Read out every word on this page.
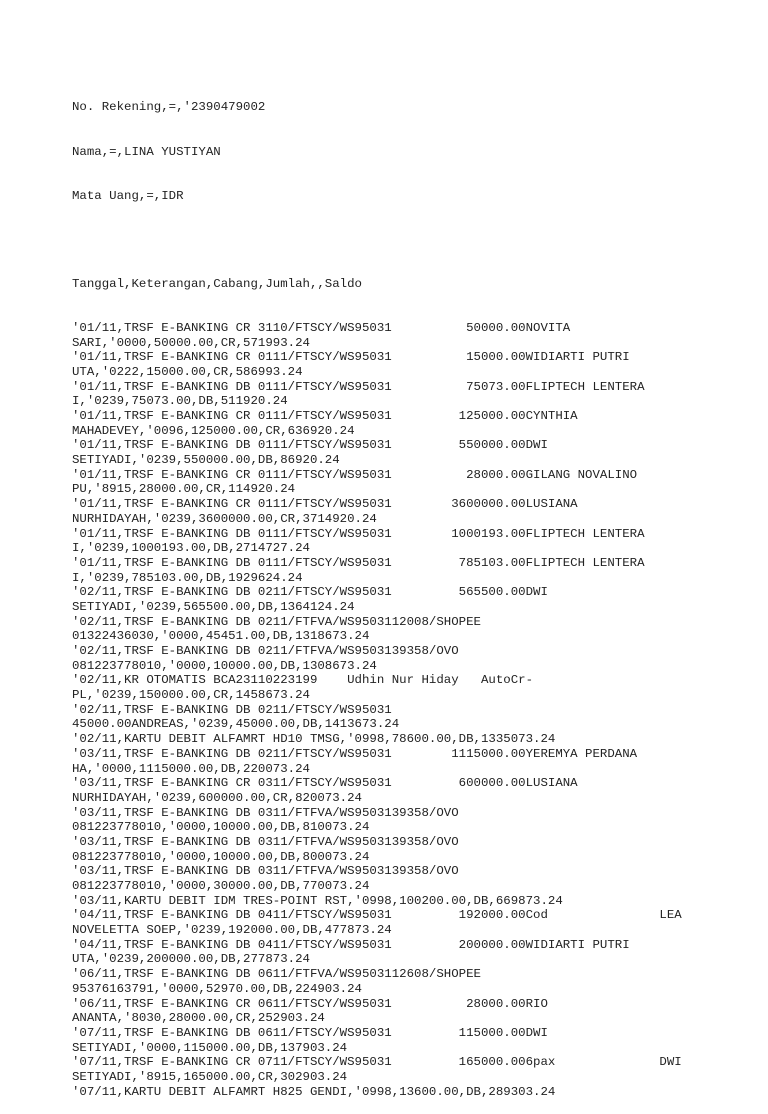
No. Rekening,=,'2390479002

Nama,=,LINA YUSTIYAN

Mata Uang,=,IDR

Tanggal,Keterangan,Cabang,Jumlah,,Saldo

'01/11,TRSF E-BANKING CR 3110/FTSCY/WS95031          50000.00NOVITA
SARI,'0000,50000.00,CR,571993.24
'01/11,TRSF E-BANKING CR 0111/FTSCY/WS95031          15000.00WIDIARTI PUTRI
UTA,'0222,15000.00,CR,586993.24
'01/11,TRSF E-BANKING DB 0111/FTSCY/WS95031          75073.00FLIPTECH LENTERA
I,'0239,75073.00,DB,511920.24
'01/11,TRSF E-BANKING CR 0111/FTSCY/WS95031         125000.00CYNTHIA
MAHADEVEY,'0096,125000.00,CR,636920.24
'01/11,TRSF E-BANKING DB 0111/FTSCY/WS95031         550000.00DWI
SETIYADI,'0239,550000.00,DB,86920.24
'01/11,TRSF E-BANKING CR 0111/FTSCY/WS95031          28000.00GILANG NOVALINO
PU,'8915,28000.00,CR,114920.24
'01/11,TRSF E-BANKING CR 0111/FTSCY/WS95031        3600000.00LUSIANA
NURHIDAYAH,'0239,3600000.00,CR,3714920.24
'01/11,TRSF E-BANKING DB 0111/FTSCY/WS95031        1000193.00FLIPTECH LENTERA
I,'0239,1000193.00,DB,2714727.24
'01/11,TRSF E-BANKING DB 0111/FTSCY/WS95031         785103.00FLIPTECH LENTERA
I,'0239,785103.00,DB,1929624.24
'02/11,TRSF E-BANKING DB 0211/FTSCY/WS95031         565500.00DWI
SETIYADI,'0239,565500.00,DB,1364124.24
'02/11,TRSF E-BANKING DB 0211/FTFVA/WS9503112008/SHOPEE
01322436030,'0000,45451.00,DB,1318673.24
'02/11,TRSF E-BANKING DB 0211/FTFVA/WS9503139358/OVO
081223778010,'0000,10000.00,DB,1308673.24
'02/11,KR OTOMATIS BCA23110223199    Udhin Nur Hiday   AutoCr-
PL,'0239,150000.00,CR,1458673.24
'02/11,TRSF E-BANKING DB 0211/FTSCY/WS95031
45000.00ANDREAS,'0239,45000.00,DB,1413673.24
'02/11,KARTU DEBIT ALFAMRT HD10 TMSG,'0998,78600.00,DB,1335073.24
'03/11,TRSF E-BANKING DB 0211/FTSCY/WS95031        1115000.00YEREMYA PERDANA
HA,'0000,1115000.00,DB,220073.24
'03/11,TRSF E-BANKING CR 0311/FTSCY/WS95031         600000.00LUSIANA
NURHIDAYAH,'0239,600000.00,CR,820073.24
'03/11,TRSF E-BANKING DB 0311/FTFVA/WS9503139358/OVO
081223778010,'0000,10000.00,DB,810073.24
'03/11,TRSF E-BANKING DB 0311/FTFVA/WS9503139358/OVO
081223778010,'0000,10000.00,DB,800073.24
'03/11,TRSF E-BANKING DB 0311/FTFVA/WS9503139358/OVO
081223778010,'0000,30000.00,DB,770073.24
'03/11,KARTU DEBIT IDM TRES-POINT RST,'0998,100200.00,DB,669873.24
'04/11,TRSF E-BANKING DB 0411/FTSCY/WS95031         192000.00Cod               LEA
NOVELETTA SOEP,'0239,192000.00,DB,477873.24
'04/11,TRSF E-BANKING DB 0411/FTSCY/WS95031         200000.00WIDIARTI PUTRI
UTA,'0239,200000.00,DB,277873.24
'06/11,TRSF E-BANKING DB 0611/FTFVA/WS9503112608/SHOPEE
95376163791,'0000,52970.00,DB,224903.24
'06/11,TRSF E-BANKING CR 0611/FTSCY/WS95031          28000.00RIO
ANANTA,'8030,28000.00,CR,252903.24
'07/11,TRSF E-BANKING DB 0611/FTSCY/WS95031         115000.00DWI
SETIYADI,'0000,115000.00,DB,137903.24
'07/11,TRSF E-BANKING CR 0711/FTSCY/WS95031         165000.006pax              DWI
SETIYADI,'8915,165000.00,CR,302903.24
'07/11,KARTU DEBIT ALFAMRT H825 GENDI,'0998,13600.00,DB,289303.24
